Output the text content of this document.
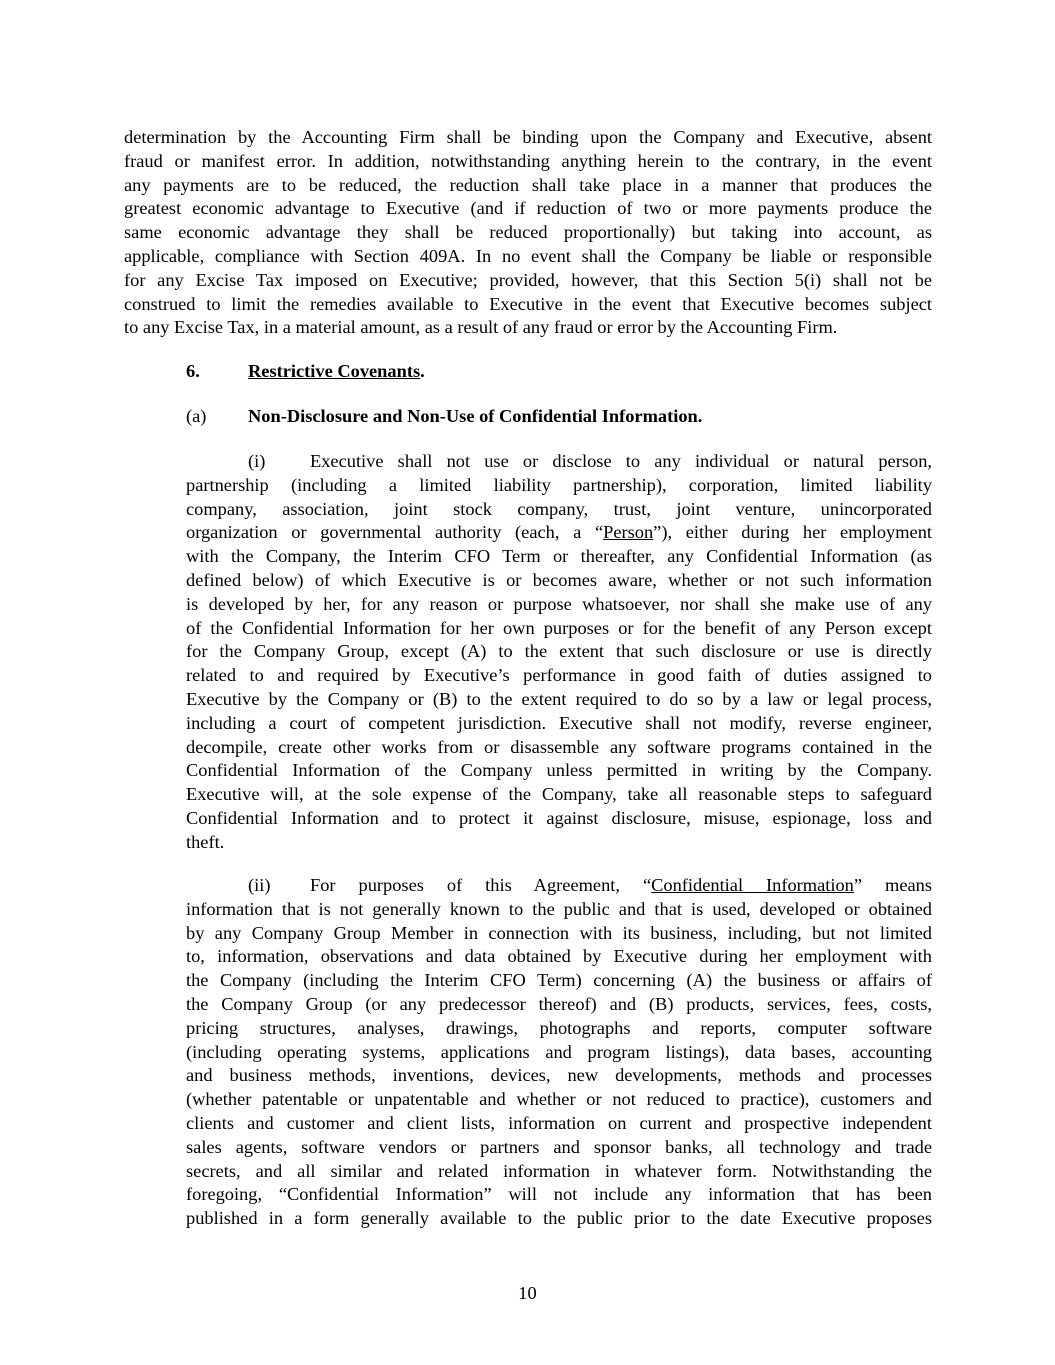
determination by the Accounting Firm shall be binding upon the Company and Executive, absent
fraud or manifest error. In addition, notwithstanding anything herein to the contrary, in the event
any payments are to be reduced, the reduction shall take place in a manner that produces the
greatest economic advantage to Executive (and if reduction of two or more payments produce the
same economic advantage they shall be reduced proportionally) but taking into account, as
applicable, compliance with Section 409A. In no event shall the Company be liable or responsible
for any Excise Tax imposed on Executive; provided, however, that this Section 5(i) shall not be
construed to limit the remedies available to Executive in the event that Executive becomes subject
to any Excise Tax, in a material amount, as a result of any fraud or error by the Accounting Firm.
6.	Restrictive Covenants.
(a) Non-Disclosure and Non-Use of Confidential Information.
(i) Executive shall not use or disclose to any individual or natural person,
partnership (including a limited liability partnership), corporation, limited liability
company, association, joint stock company, trust, joint venture, unincorporated
organization or governmental authority (each, a “Person”), either during her employment
with the Company, the Interim CFO Term or thereafter, any Confidential Information (as
defined below) of which Executive is or becomes aware, whether or not such information
is developed by her, for any reason or purpose whatsoever, nor shall she make use of any
of the Confidential Information for her own purposes or for the benefit of any Person except
for the Company Group, except (A) to the extent that such disclosure or use is directly
related to and required by Executive’s performance in good faith of duties assigned to
Executive by the Company or (B) to the extent required to do so by a law or legal process,
including a court of competent jurisdiction. Executive shall not modify, reverse engineer,
decompile, create other works from or disassemble any software programs contained in the
Confidential Information of the Company unless permitted in writing by the Company.
Executive will, at the sole expense of the Company, take all reasonable steps to safeguard
Confidential Information and to protect it against disclosure, misuse, espionage, loss and
theft.
(ii) For purposes of this Agreement, “Confidential Information” means
information that is not generally known to the public and that is used, developed or obtained
by any Company Group Member in connection with its business, including, but not limited
to, information, observations and data obtained by Executive during her employment with
the Company (including the Interim CFO Term) concerning (A) the business or affairs of
the Company Group (or any predecessor thereof) and (B) products, services, fees, costs,
pricing structures, analyses, drawings, photographs and reports, computer software
(including operating systems, applications and program listings), data bases, accounting
and business methods, inventions, devices, new developments, methods and processes
(whether patentable or unpatentable and whether or not reduced to practice), customers and
clients and customer and client lists, information on current and prospective independent
sales agents, software vendors or partners and sponsor banks, all technology and trade
secrets, and all similar and related information in whatever form. Notwithstanding the
foregoing, “Confidential Information” will not include any information that has been
published in a form generally available to the public prior to the date Executive proposes
10
